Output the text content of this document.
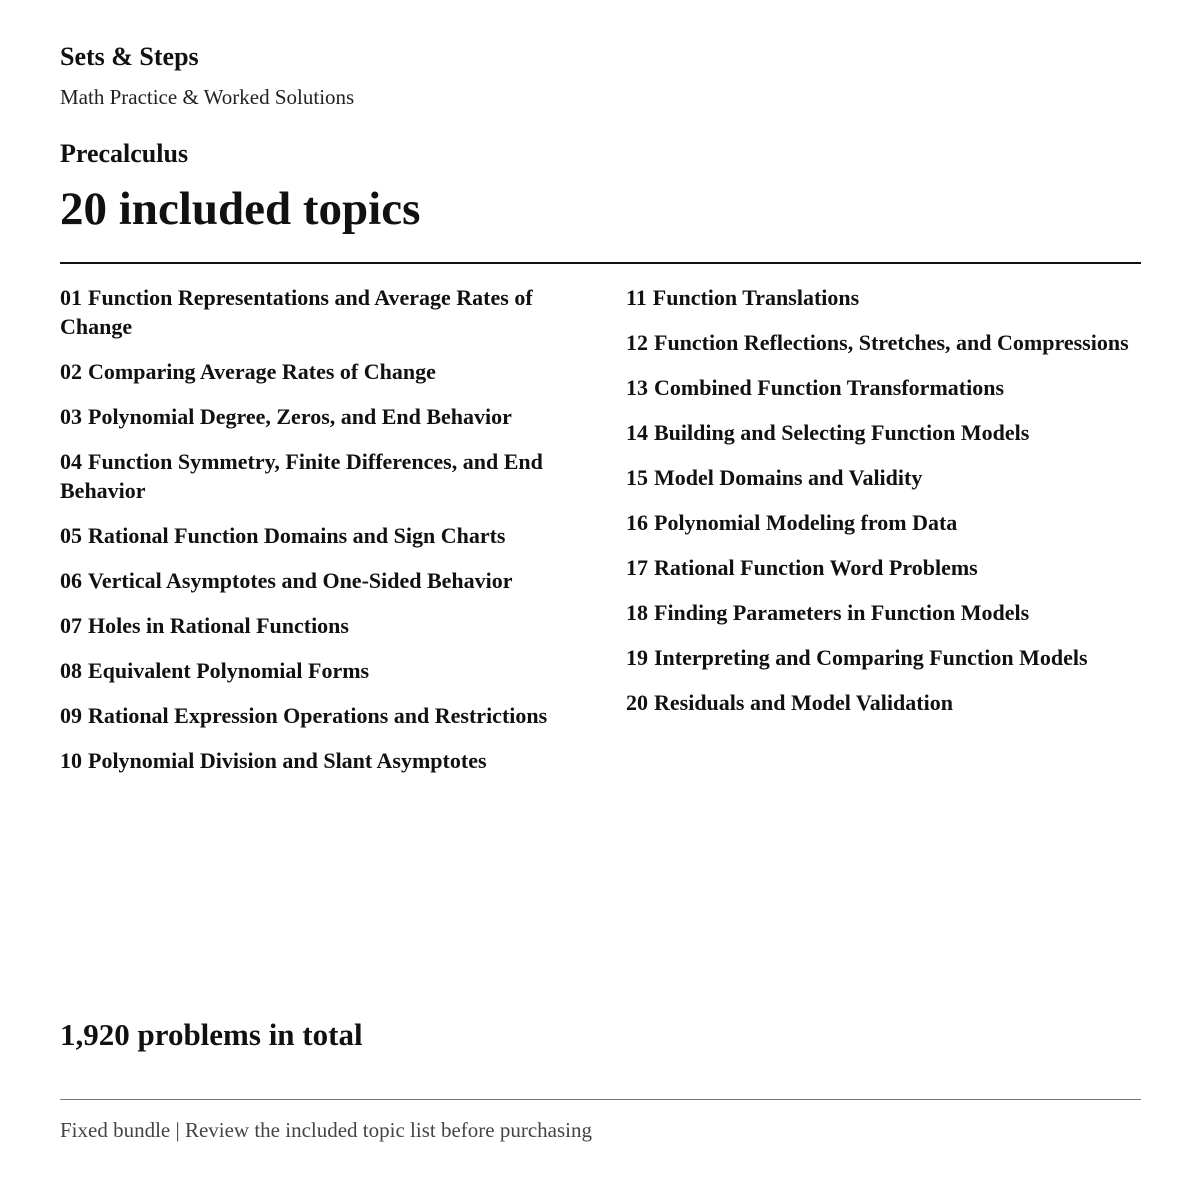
Sets & Steps
Math Practice & Worked Solutions
Precalculus
20 included topics
01 Function Representations and Average Rates of Change
02 Comparing Average Rates of Change
03 Polynomial Degree, Zeros, and End Behavior
04 Function Symmetry, Finite Differences, and End Behavior
05 Rational Function Domains and Sign Charts
06 Vertical Asymptotes and One-Sided Behavior
07 Holes in Rational Functions
08 Equivalent Polynomial Forms
09 Rational Expression Operations and Restrictions
10 Polynomial Division and Slant Asymptotes
11 Function Translations
12 Function Reflections, Stretches, and Compressions
13 Combined Function Transformations
14 Building and Selecting Function Models
15 Model Domains and Validity
16 Polynomial Modeling from Data
17 Rational Function Word Problems
18 Finding Parameters in Function Models
19 Interpreting and Comparing Function Models
20 Residuals and Model Validation
1,920 problems in total
Fixed bundle | Review the included topic list before purchasing
